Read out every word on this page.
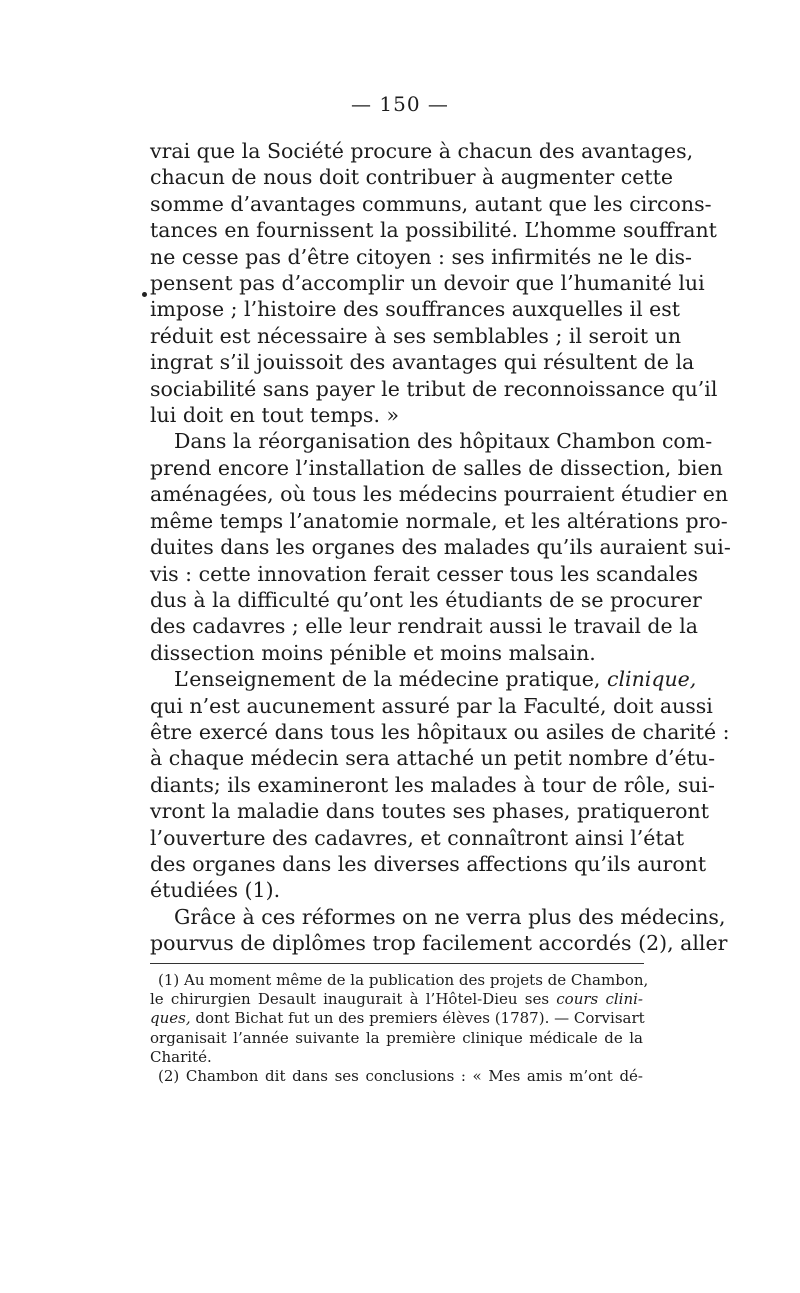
— 150 —
vrai que la Société procure à chacun des avantages,
chacun de nous doit contribuer à augmenter cette
somme d’avantages communs, autant que les circons-
tances en fournissent la possibilité. L’homme souffrant
ne cesse pas d’être citoyen : ses infirmités ne le dis-
pensent pas d’accomplir un devoir que l’humanité lui
impose ; l’histoire des souffrances auxquelles il est
réduit est nécessaire à ses semblables ; il seroit un
ingrat s’il jouissoit des avantages qui résultent de la
sociabilité sans payer le tribut de reconnoissance qu’il
lui doit en tout temps. »
Dans la réorganisation des hôpitaux Chambon com-
prend encore l’installation de salles de dissection, bien
aménagées, où tous les médecins pourraient étudier en
même temps l’anatomie normale, et les altérations pro-
duites dans les organes des malades qu’ils auraient sui-
vis : cette innovation ferait cesser tous les scandales
dus à la difficulté qu’ont les étudiants de se procurer
des cadavres ; elle leur rendrait aussi le travail de la
dissection moins pénible et moins malsain.
L’enseignement de la médecine pratique, clinique,
qui n’est aucunement assuré par la Faculté, doit aussi
être exercé dans tous les hôpitaux ou asiles de charité :
à chaque médecin sera attaché un petit nombre d’étu-
diants; ils examineront les malades à tour de rôle, sui-
vront la maladie dans toutes ses phases, pratiqueront
l’ouverture des cadavres, et connaîtront ainsi l’état
des organes dans les diverses affections qu’ils auront
étudiées (1).
Grâce à ces réformes on ne verra plus des médecins,
pourvus de diplômes trop facilement accordés (2), aller
(1) Au moment même de la publication des projets de Chambon,
le chirurgien Desault inaugurait à l’Hôtel-Dieu ses cours clini-
ques, dont Bichat fut un des premiers élèves (1787). — Corvisart
organisait l’année suivante la première clinique médicale de la
Charité.
(2) Chambon dit dans ses conclusions : « Mes amis m’ont dé-
